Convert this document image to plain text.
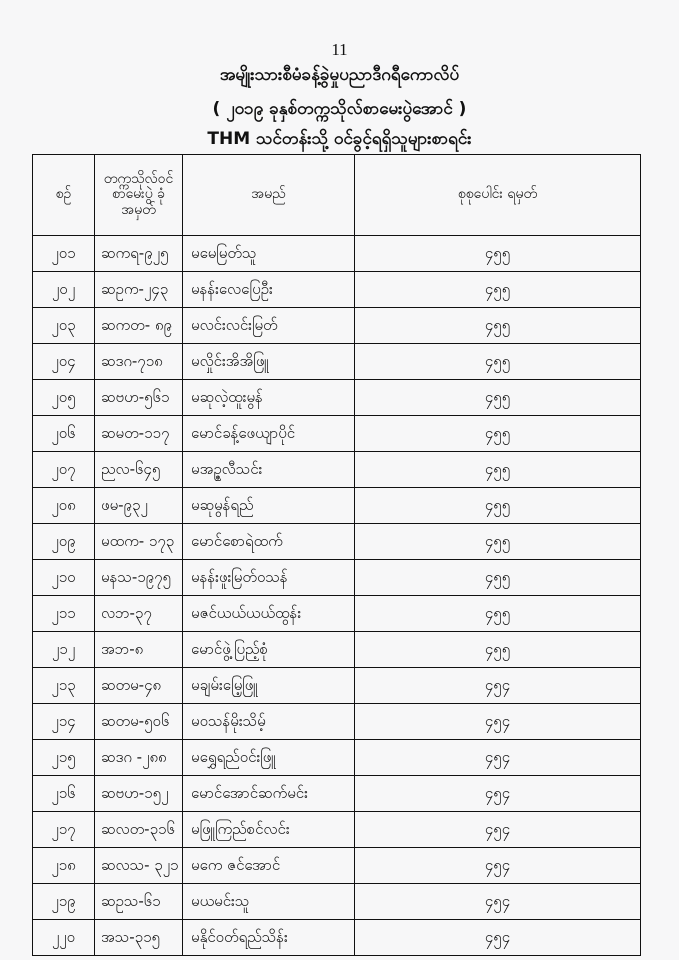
11
အမျိုးသားစီမံခန့်ခွဲမှုပညာဒီဂရီကောလိပ်
( ၂၀၁၉ ခုနှစ်တက္ကသိုလ်စာမေးပွဲအောင် )
THM သင်တန်းသို့ ဝင်ခွင့်ရရှိသူများစာရင်း
စဉ်	တက္ကသိုလ်ဝင် စာမေးပွဲ ခုံအမှတ်	အမည်	စုစုပေါင်း ရမှတ်
၂၀၁	ဆကရ-၉၂၅	မမေမြတ်သူ	၄၅၅
၂၀၂	ဆဥက-၂၄၃	မနန်းလေပြေဦး	၄၅၅
၂၀၃	ဆကတ- ၈၉	မလင်းလင်းမြတ်	၄၅၅
၂၀၄	ဆဒဂ-၇၁၈	မလှိုင်းအိအိဖြူ	၄၅၅
၂၀၅	ဆဗဟ-၅၆၁	မဆုလဲ့ထူးမွန်	၄၅၅
၂၀၆	ဆမတ-၁၁၇	မောင်ခန့်ဖေယျာပိုင်	၄၅၅
၂၀၇	ညလ-၆၄၅	မအဥ္ဇလီသင်း	၄၅၅
၂၀၈	ဖမ-၉၃၂	မဆုမွန်ရည်	၄၅၅
၂၀၉	မထက- ၁၇၃	မောင်စောရဲထက်	၄၅၅
၂၁၀	မနသ-၁၉၇၅	မနန်းဖူးမြတ်ဝသန်	၄၅၅
၂၁၁	လဘ-၃၇	မဇင်ယယ်ယယ်ထွန်း	၄၅၅
၂၁၂	အဘ-၈	မောင်ဖွဲ့ပြည့်စုံ	၄၅၅
၂၁၃	ဆတမ-၄၈	မချမ်းမြေ့ဖြူ	၄၅၄
၂၁၄	ဆတမ-၅၀၆	မဝသန်မိုးသိမ့်	၄၅၄
၂၁၅	ဆဒဂ -၂၈၈	မရွှေရည်ဝင်းဖြူ	၄၅၄
၂၁၆	ဆဗဟ-၁၅၂	မောင်အောင်ဆက်မင်း	၄၅၄
၂၁၇	ဆလတ-၃၁၆	မဖြူကြည်စင်လင်း	၄၅၄
၂၁၈	ဆလသ- ၃၂၁	မကေ ဇင်အောင်	၄၅၄
၂၁၉	ဆဥသ-၆၁	မယမင်းသူ	၄၅၄
၂၂၀	အသ-၃၁၅	မနိုင်ဝတ်ရည်သိန်း	၄၅၄
